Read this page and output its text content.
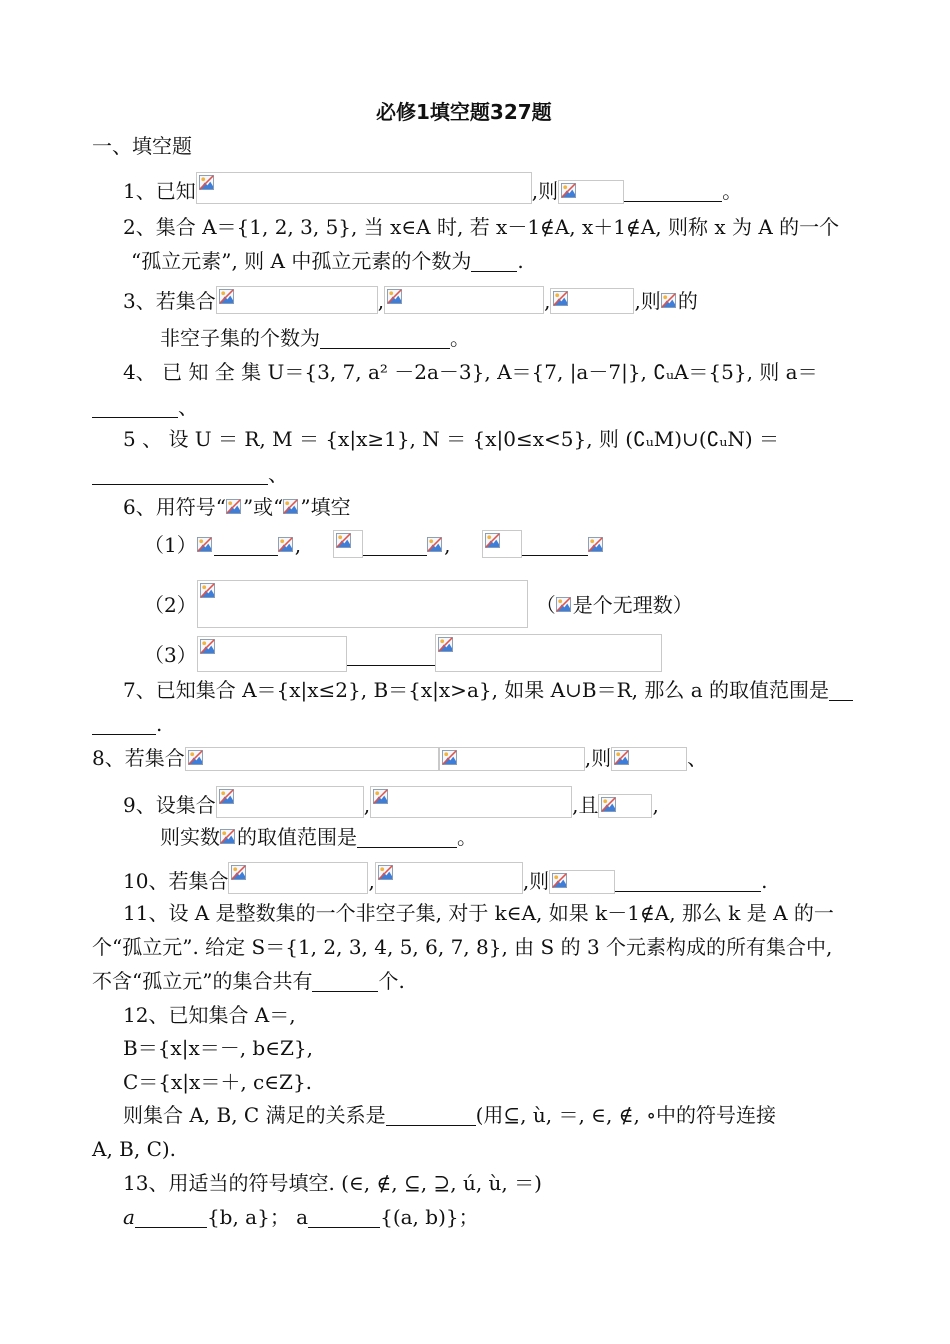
必修1填空题327题
一、填空题
1、已知	,则	。
2、集合 A＝{1, 2, 3, 5}, 当 x∈A 时, 若 x－1∉A, x＋1∉A, 则称 x 为 A 的一个
“孤立元素”, 则 A 中孤立元素的个数为 .
3、若集合	,	,	,则 的
非空子集的个数为	。
4、 已 知 全 集 U＝{3, 7, a² －2a－3}, A＝{7, |a－7|}, ∁ᵤA＝{5}, 则 a＝
、
5 、 设 U ＝ R, M ＝ {x|x≥1}, N ＝ {x|0≤x<5}, 则 (∁ᵤM)∪(∁ᵤN) ＝
、
6、用符号“ ”或“ ”填空
（1）	,	,
（2）	（ 是个无理数）
（3）
7、已知集合 A＝{x|x≤2}, B＝{x|x>a}, 如果 A∪B＝R, 那么 a 的取值范围是
.
8、若集合	,则	、
9、设集合	,	,且	,
则实数 的取值范围是	。
10、若集合	,	,则	.
11、设 A 是整数集的一个非空子集, 对于 k∈A, 如果 k－1∉A, 那么 k 是 A 的一
个“孤立元”. 给定 S＝{1, 2, 3, 4, 5, 6, 7, 8}, 由 S 的 3 个元素构成的所有集合中,
不含“孤立元”的集合共有	个.
12、已知集合 A＝,
B＝{x|x＝－, b∈Z},
C＝{x|x＝＋, c∈Z}.
则集合 A, B, C 满足的关系是	(用⊆, ù, ＝, ∈, ∉, ∘中的符号连接
A, B, C).
13、用适当的符号填空. (∈, ∉, ⊆, ⊇, ú, ù, ＝)
a	{b, a}； a	{(a, b)}；
